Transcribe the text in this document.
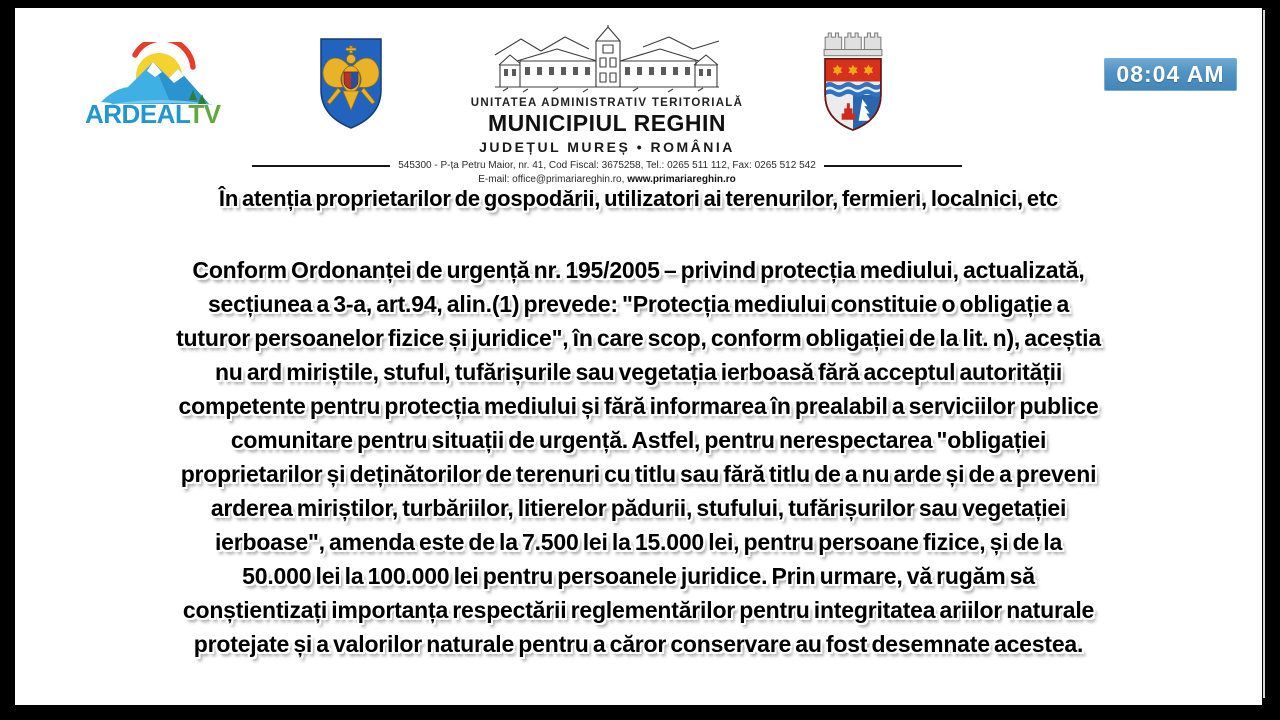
ARDEALTV	UNITATEA ADMINISTRATIV TERITORIALĂ
MUNICIPIUL REGHIN
JUDEȚUL MUREȘ • ROMÂNIA
545300 - P-ța Petru Maior, nr. 41, Cod Fiscal: 3675258, Tel.: 0265 511 112, Fax: 0265 512 542
E-mail: office@primariareghin.ro, www.primariareghin.ro
08:04 AM
În atenția proprietarilor de gospodării, utilizatori ai terenurilor, fermieri, localnici, etc
Conform Ordonanței de urgență nr. 195/2005 – privind protecția mediului, actualizată,
secțiunea a 3-a, art.94, alin.(1) prevede: "Protecția mediului constituie o obligație a
tuturor persoanelor fizice și juridice", în care scop, conform obligației de la lit. n), aceștia
nu ard miriștile, stuful, tufărișurile sau vegetația ierboasă fără acceptul autorității
competente pentru protecția mediului și fără informarea în prealabil a serviciilor publice
comunitare pentru situații de urgență. Astfel, pentru nerespectarea "obligației
proprietarilor și deținătorilor de terenuri cu titlu sau fără titlu de a nu arde și de a preveni
arderea miriștilor, turbăriilor, litierelor pădurii, stufului, tufărișurilor sau vegetației
ierboase", amenda este de la 7.500 lei la 15.000 lei, pentru persoane fizice, și de la
50.000 lei la 100.000 lei pentru persoanele juridice. Prin urmare, vă rugăm să
conștientizați importanța respectării reglementărilor pentru integritatea ariilor naturale
protejate și a valorilor naturale pentru a căror conservare au fost desemnate acestea.
